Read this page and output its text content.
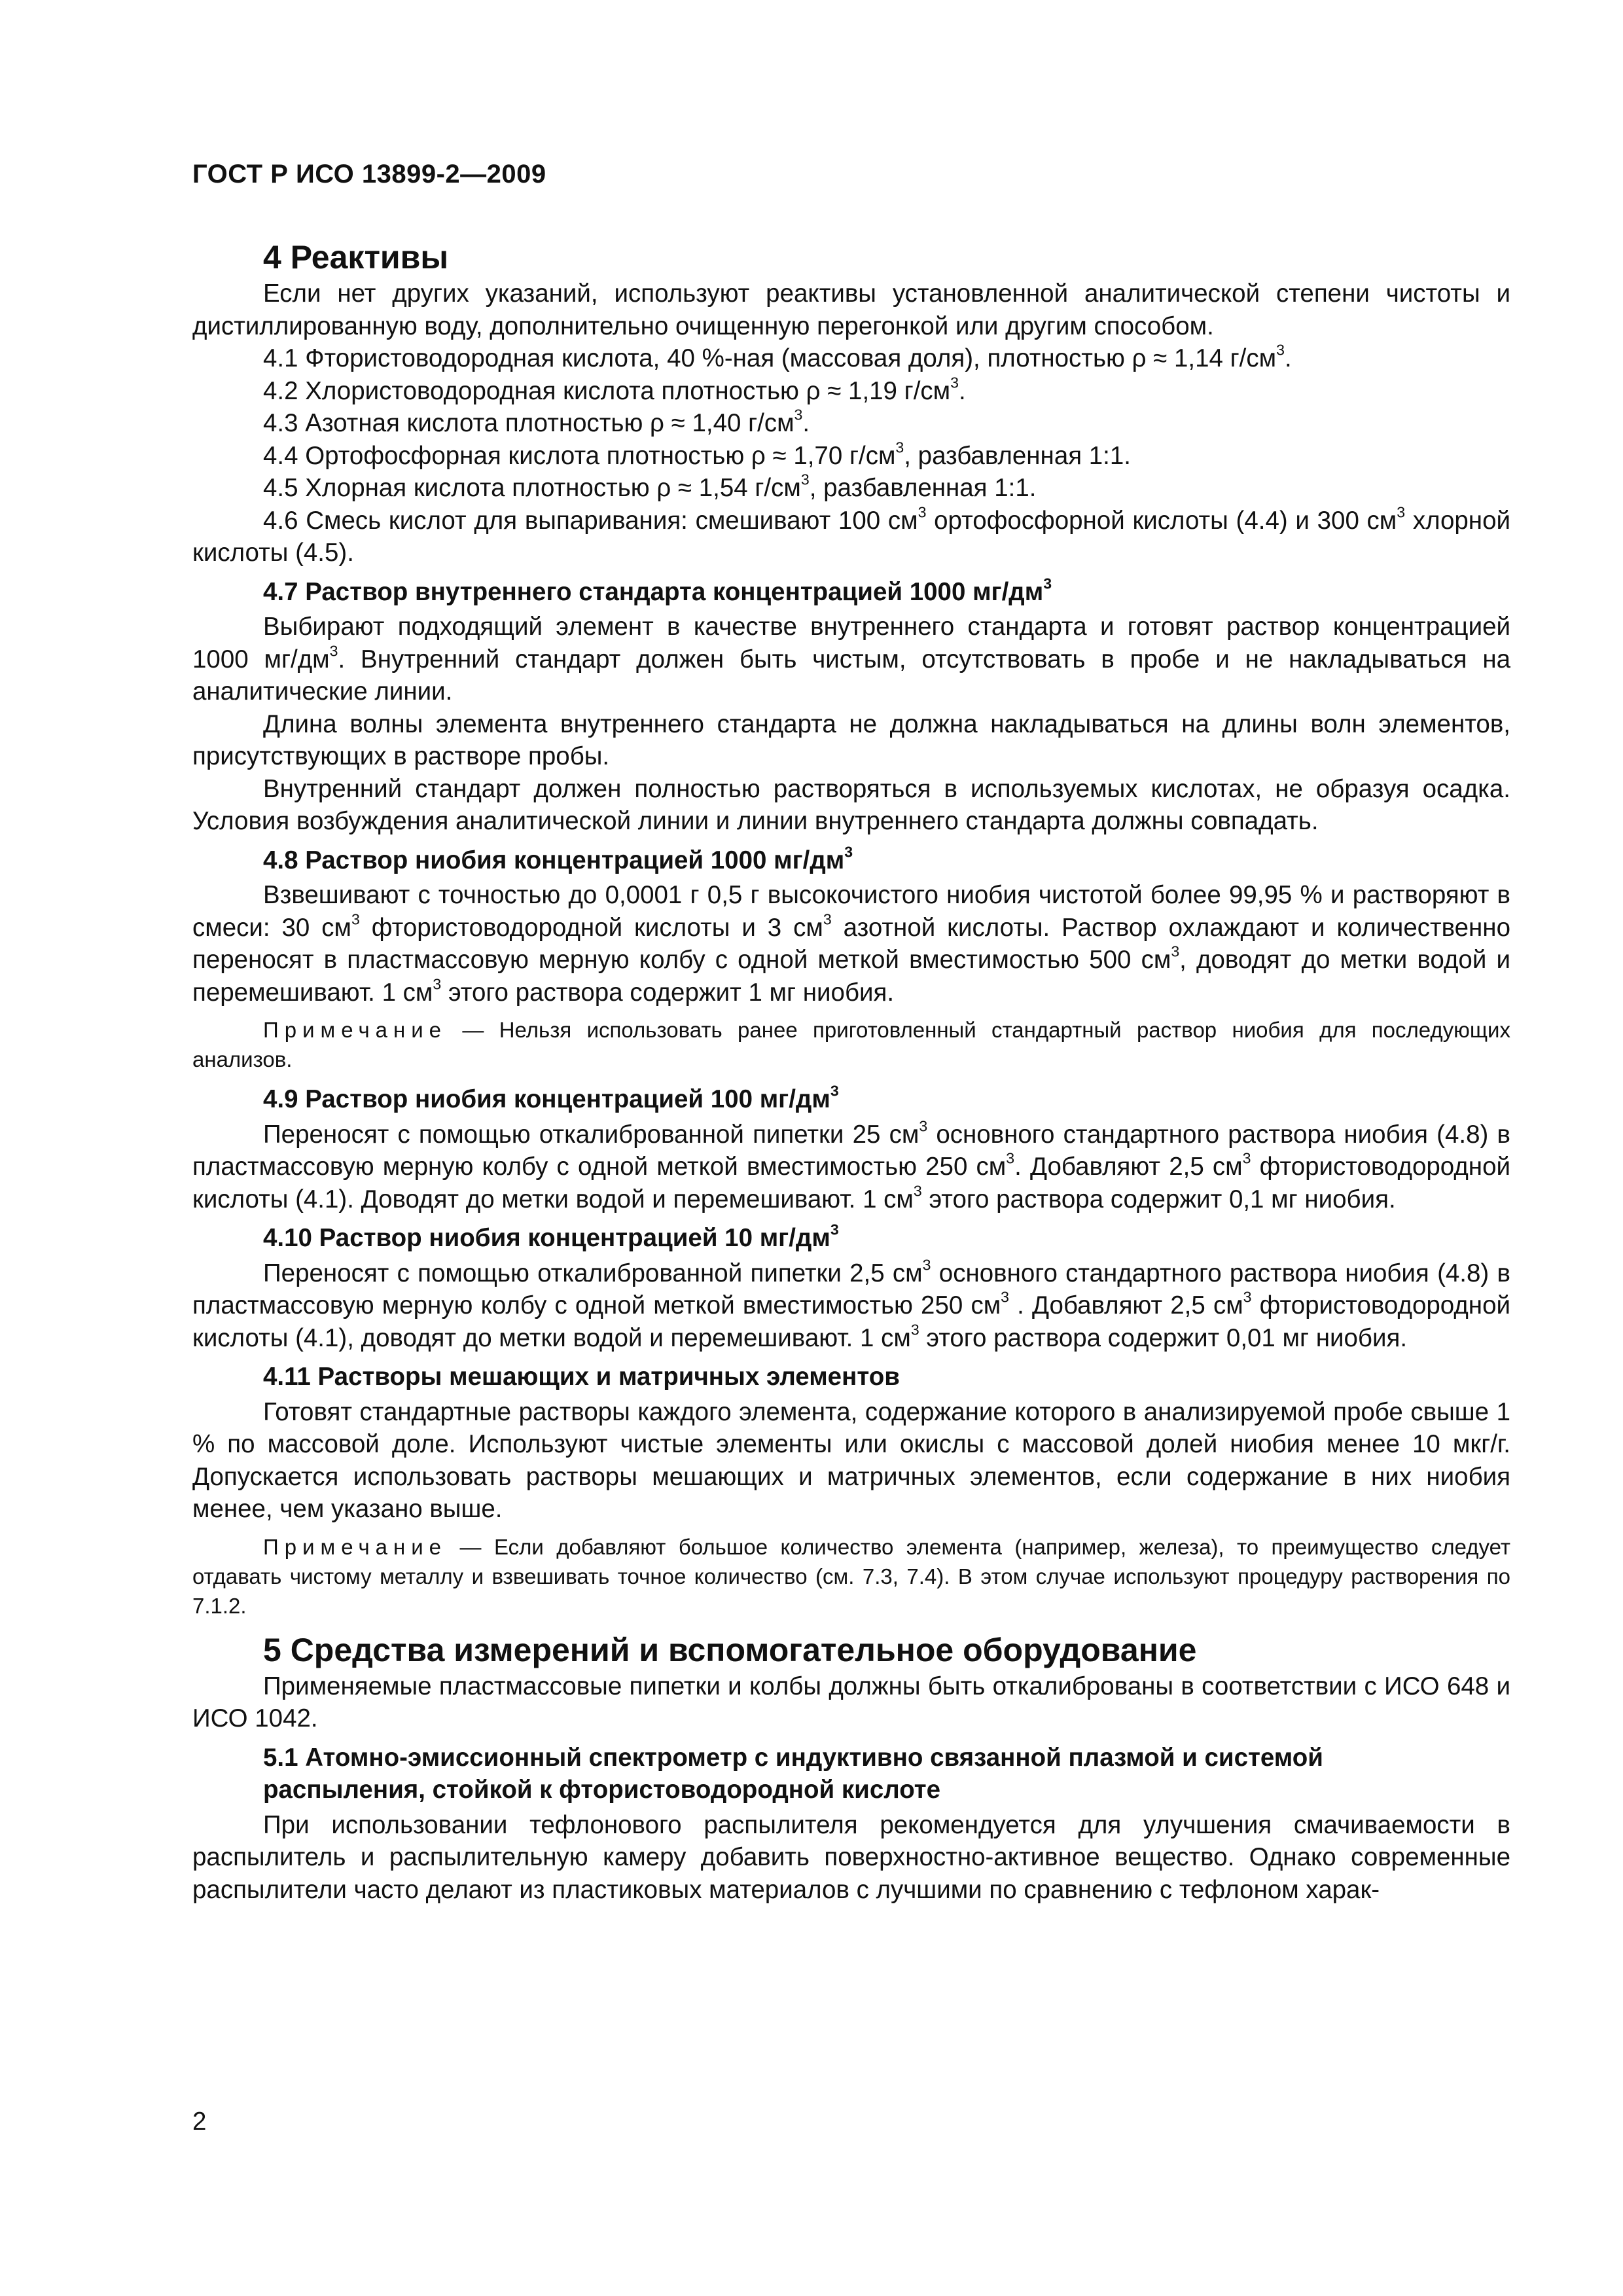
ГОСТ Р ИСО 13899-2—2009
4 Реактивы

Если нет других указаний, используют реактивы установленной аналитической степени чистоты и дистиллированную воду, дополнительно очищенную перегонкой или другим способом.

4.1 Фтористоводородная кислота, 40 %-ная (массовая доля), плотностью ρ ≈ 1,14 $г/см^3$.

4.2 Хлористоводородная кислота плотностью ρ ≈ 1,19 $г/см^3$.

4.3 Азотная кислота плотностью ρ ≈ 1,40 $г/см^3$.

4.4 Ортофосфорная кислота плотностью ρ ≈ 1,70 $г/см^3$, разбавленная 1:1.

4.5 Хлорная кислота плотностью ρ ≈ 1,54 $г/см^3$, разбавленная 1:1.

4.6 Смесь кислот для выпаривания: смешивают 100 $см^3$ ортофосфорной кислоты (4.4) и 300 $см^3$ хлорной кислоты (4.5).

4.7 Раствор внутреннего стандарта концентрацией 1000 $мг/дм^3$

Выбирают подходящий элемент в качестве внутреннего стандарта и готовят раствор концентрацией 1000 $мг/дм^3$. Внутренний стандарт должен быть чистым, отсутствовать в пробе и не накладываться на аналитические линии.

Длина волны элемента внутреннего стандарта не должна накладываться на длины волн элементов, присутствующих в растворе пробы.

Внутренний стандарт должен полностью растворяться в используемых кислотах, не образуя осадка. Условия возбуждения аналитической линии и линии внутреннего стандарта должны совпадать.

4.8 Раствор ниобия концентрацией 1000 $мг/дм^3$

Взвешивают с точностью до 0,0001 г 0,5 г высокочистого ниобия чистотой более 99,95 % и растворяют в смеси: 30 $см^3$ фтористоводородной кислоты и 3 $см^3$ азотной кислоты. Раствор охлаждают и количественно переносят в пластмассовую мерную колбу с одной меткой вместимостью 500 $см^3$, доводят до метки водой и перемешивают. 1 $см^3$ этого раствора содержит 1 мг ниобия.

Примечание — Нельзя использовать ранее приготовленный стандартный раствор ниобия для последующих анализов.
4.9 Раствор ниобия концентрацией 100 $мг/дм^3$

Переносят с помощью откалиброванной пипетки 25 $см^3$ основного стандартного раствора ниобия (4.8) в пластмассовую мерную колбу с одной меткой вместимостью 250 $см^3$. Добавляют 2,5 $см^3$ фтористоводородной кислоты (4.1). Доводят до метки водой и перемешивают. 1 $см^3$ этого раствора содержит 0,1 мг ниобия.

4.10 Раствор ниобия концентрацией 10 $мг/дм^3$

Переносят с помощью откалиброванной пипетки 2,5 $см^3$ основного стандартного раствора ниобия (4.8) в пластмассовую мерную колбу с одной меткой вместимостью 250 $см^3$ . Добавляют 2,5 $см^3$ фтористоводородной кислоты (4.1), доводят до метки водой и перемешивают. 1 $см^3$ этого раствора содержит 0,01 мг ниобия.

4.11 Растворы мешающих и матричных элементов

Готовят стандартные растворы каждого элемента, содержание которого в анализируемой пробе свыше 1 % по массовой доле. Используют чистые элементы или окислы с массовой долей ниобия менее 10 мкг/г. Допускается использовать растворы мешающих и матричных элементов, если содержание в них ниобия менее, чем указано выше.

Примечание — Если добавляют большое количество элемента (например, железа), то преимущество следует отдавать чистому металлу и взвешивать точное количество (см. 7.3, 7.4). В этом случае используют процедуру растворения по 7.1.2.
5 Средства измерений и вспомогательное оборудование

Применяемые пластмассовые пипетки и колбы должны быть откалиброваны в соответствии с ИСО 648 и ИСО 1042.

5.1 Атомно-эмиссионный спектрометр с индуктивно связанной плазмой и системой распыления, стойкой к фтористоводородной кислоте

При использовании тефлонового распылителя рекомендуется для улучшения смачиваемости в распылитель и распылительную камеру добавить поверхностно-активное вещество. Однако современные распылители часто делают из пластиковых материалов с лучшими по сравнению с тефлоном харак-

2
